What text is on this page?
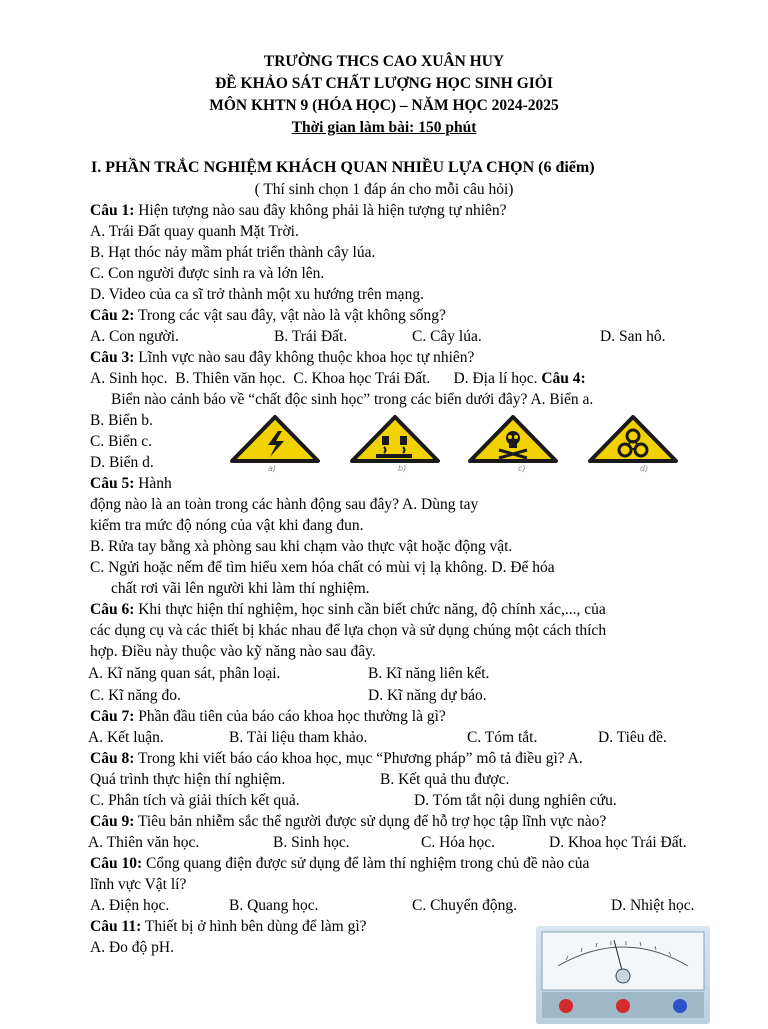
TRƯỜNG THCS CAO XUÂN HUY
ĐỀ KHẢO SÁT CHẤT LƯỢNG HỌC SINH GIỎI
MÔN KHTN 9 (HÓA HỌC) – NĂM HỌC 2024-2025
Thời gian làm bài: 150 phút
I. PHẦN TRẮC NGHIỆM KHÁCH QUAN NHIỀU LỰA CHỌN (6 điểm)
( Thí sinh chọn 1 đáp án cho mỗi câu hỏi)
Câu 1: Hiện tượng nào sau đây không phải là hiện tượng tự nhiên?
A. Trái Đất quay quanh Mặt Trời.
B. Hạt thóc nảy mầm phát triển thành cây lúa.
C. Con người được sinh ra và lớn lên.
D. Video của ca sĩ trở thành một xu hướng trên mạng.
Câu 2: Trong các vật sau đây, vật nào là vật không sống?
A. Con người.	B. Trái Đất.	C. Cây lúa.	D. San hô.
Câu 3: Lĩnh vực nào sau đây không thuộc khoa học tự nhiên?
A. Sinh học. B. Thiên văn học. C. Khoa học Trái Đất. D. Địa lí học. Câu 4:
Biển nào cảnh báo về “chất độc sinh học” trong các biển dưới đây? A. Biển a.
B. Biển b.
C. Biển c.
D. Biển d.	a)	b)	c)	d)
Câu 5: Hành
động nào là an toàn trong các hành động sau đây? A. Dùng tay
kiểm tra mức độ nóng của vật khi đang đun.
B. Rửa tay bằng xà phòng sau khi chạm vào thực vật hoặc động vật.
C. Ngửi hoặc nếm để tìm hiểu xem hóa chất có mùi vị lạ không. D. Để hóa
chất rơi vãi lên người khi làm thí nghiệm.
Câu 6: Khi thực hiện thí nghiệm, học sinh cần biết chức năng, độ chính xác,..., của
các dụng cụ và các thiết bị khác nhau để lựa chọn và sử dụng chúng một cách thích
hợp. Điều này thuộc vào kỹ năng nào sau đây.
A. Kĩ năng quan sát, phân loại.	B. Kĩ năng liên kết.
C. Kĩ năng đo.	D. Kĩ năng dự báo.
Câu 7: Phần đầu tiên của báo cáo khoa học thường là gì?
A. Kết luận.	B. Tài liệu tham khảo.	C. Tóm tắt.	D. Tiêu đề.
Câu 8: Trong khi viết báo cáo khoa học, mục “Phương pháp” mô tả điều gì? A.
Quá trình thực hiện thí nghiệm.	B. Kết quả thu được.
C. Phân tích và giải thích kết quả.	D. Tóm tắt nội dung nghiên cứu.
Câu 9: Tiêu bản nhiễm sắc thể người được sử dụng để hỗ trợ học tập lĩnh vực nào?
A. Thiên văn học.	B. Sinh học.	C. Hóa học.	D. Khoa học Trái Đất.
Câu 10: Cổng quang điện được sử dụng để làm thí nghiệm trong chủ đề nào của
lĩnh vực Vật lí?
A. Điện học.	B. Quang học.	C. Chuyển động.	D. Nhiệt học.
Câu 11: Thiết bị ở hình bên dùng để làm gì?
A. Đo độ pH.
